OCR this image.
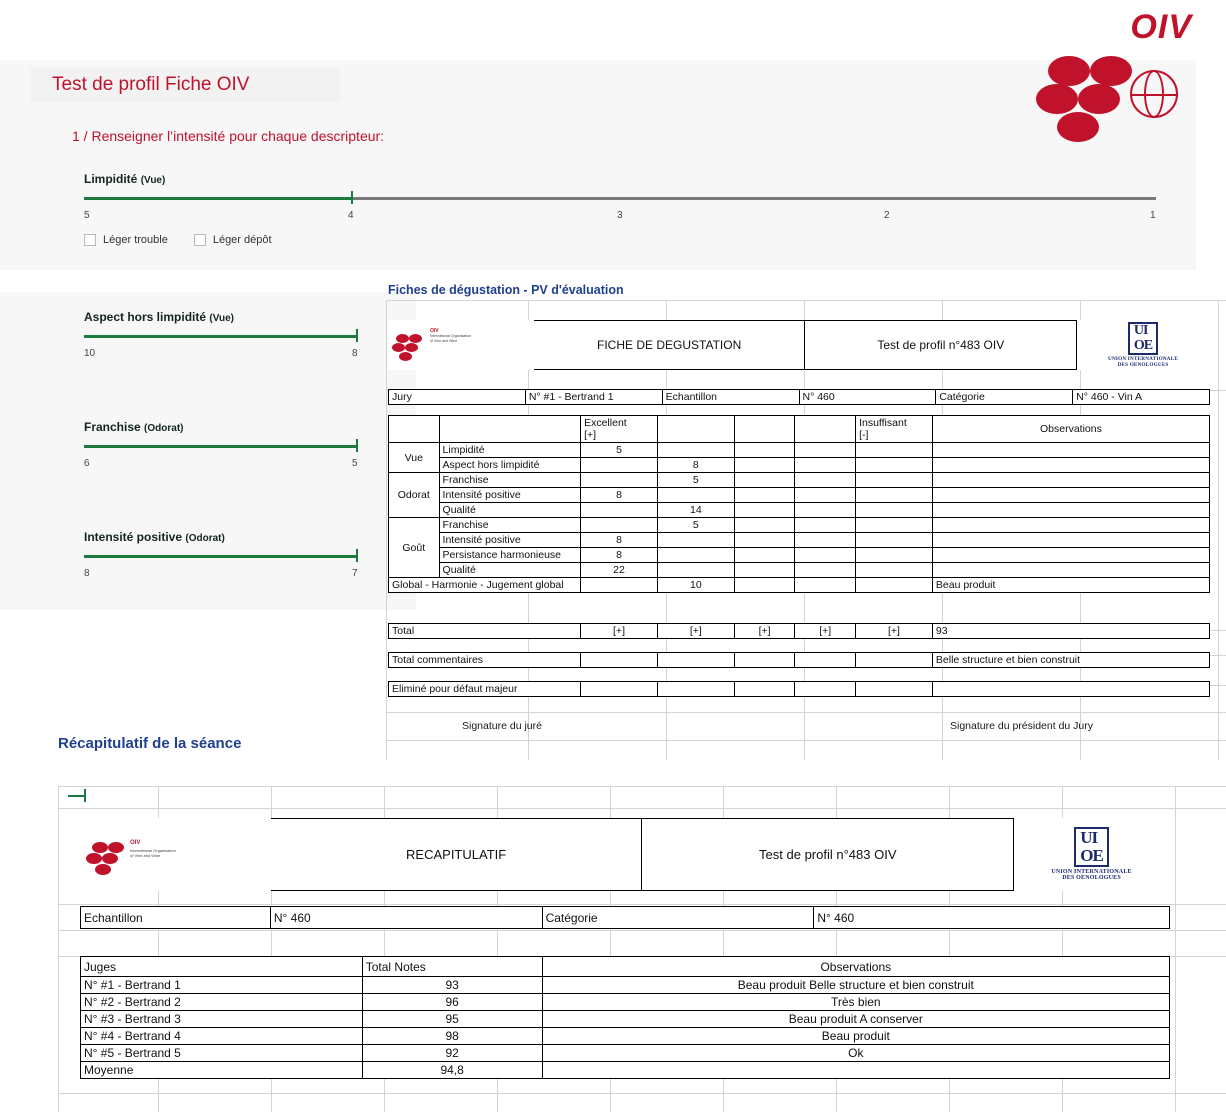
OIV
Test de profil Fiche OIV
1 / Renseigner l’intensité pour chaque descripteur:
Limpidité (Vue)
5	4	3	2	1
Léger trouble	Léger dépôt
Aspect hors limpidité (Vue)
10	8
Franchise (Odorat)
6	5
Intensité positive (Odorat)
8	7
Fiches de dégustation - PV d'évaluation
OIV
International Organisation
of Vine and Wine	FICHE DE DEGUSTATION	Test de profil n°483 OIV	
UI
OE
UNION INTERNATIONALE
DES OENOLOGUES
Jury	N° #1 - Bertrand 1	Echantillon	N° 460	Catégorie	N° 460 - Vin A
		Excellent
[+]				Insuffisant
[-]	Observations
Vue	Limpidité	5					
	Aspect hors limpidité		8				
Odorat	Franchise		5				
	Intensité positive	8					
	Qualité		14				
Goût	Franchise		5				
	Intensité positive	8					
	Persistance harmonieuse	8					
	Qualité	22					
Global - Harmonie - Jugement global			10				Beau produit
Total	[+]	[+]	[+]	[+]	[+]	93
Total commentaires						Belle structure et bien construit
Eliminé pour défaut majeur						
Signature du juré	Signature du président du Jury
Récapitulatif de la séance
OIV
International Organisation
of Vine and Wine	RECAPITULATIF	Test de profil n°483 OIV	
UI
OE
UNION INTERNATIONALE
DES OENOLOGUES
Echantillon	N° 460	Catégorie	N° 460
Juges	Total Notes	Observations
N° #1 - Bertrand 1	93	Beau produit Belle structure et bien construit
N° #2 - Bertrand 2	96	Très bien
N° #3 - Bertrand 3	95	Beau produit A conserver
N° #4 - Bertrand 4	98	Beau produit
N° #5 - Bertrand 5	92	Ok
Moyenne	94,8	
